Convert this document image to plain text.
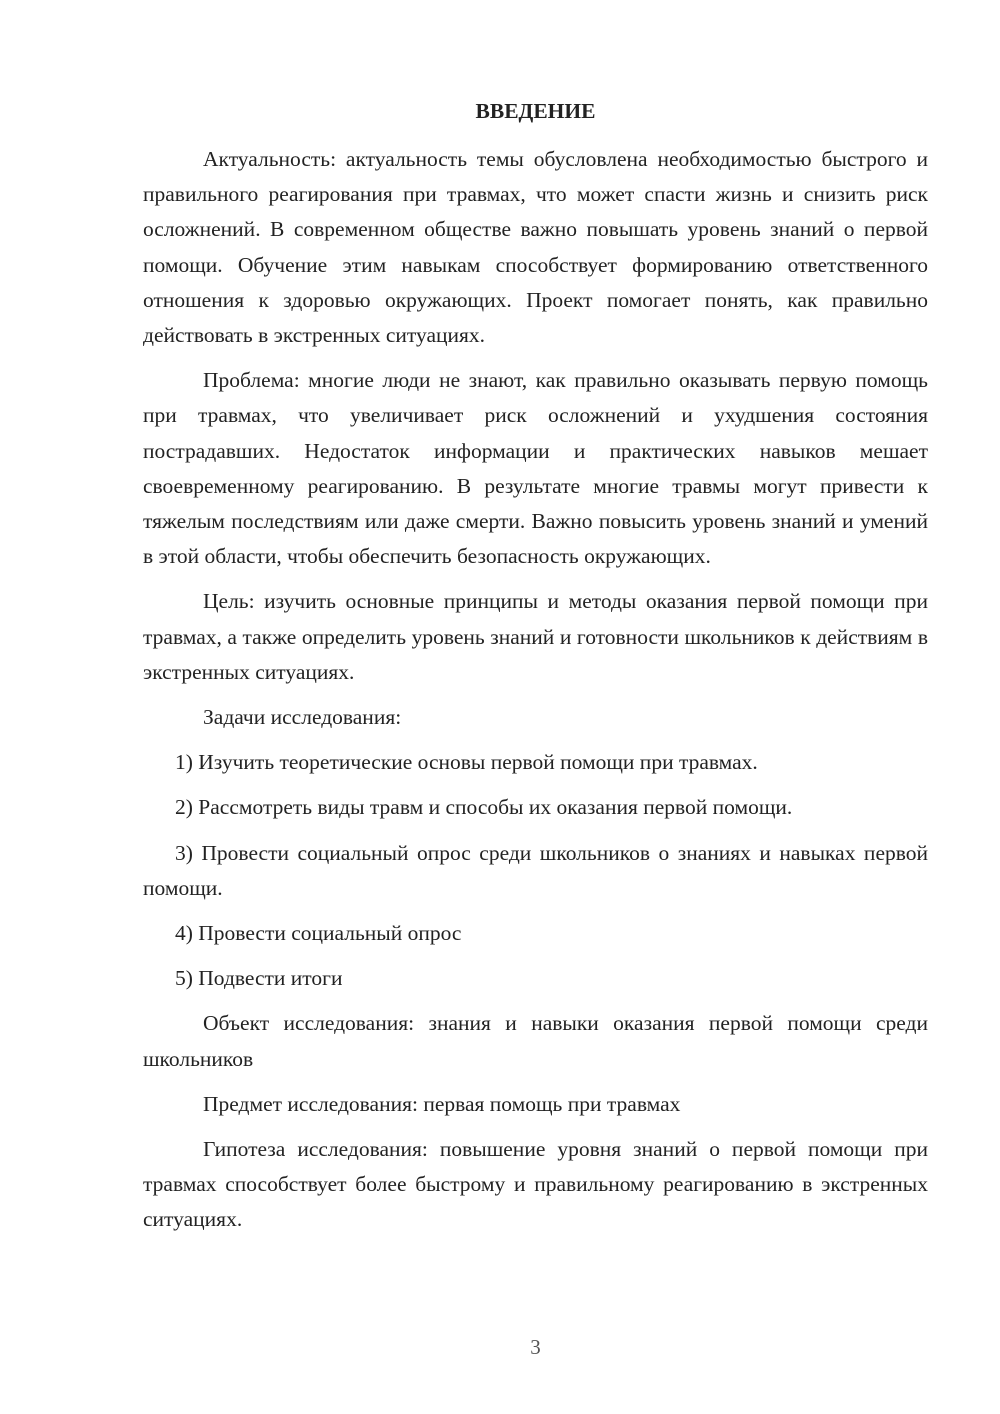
ВВЕДЕНИЕ

Актуальность: актуальность темы обусловлена необходимостью быстрого и правильного реагирования при травмах, что может спасти жизнь и снизить риск осложнений. В современном обществе важно повышать уровень знаний о первой помощи. Обучение этим навыкам способствует формированию ответственного отношения к здоровью окружающих. Проект помогает понять, как правильно действовать в экстренных ситуациях.

Проблема: многие люди не знают, как правильно оказывать первую помощь при травмах, что увеличивает риск осложнений и ухудшения состояния пострадавших. Недостаток информации и практических навыков мешает своевременному реагированию. В результате многие травмы могут привести к тяжелым последствиям или даже смерти. Важно повысить уровень знаний и умений в этой области, чтобы обеспечить безопасность окружающих.

Цель: изучить основные принципы и методы оказания первой помощи при травмах, а также определить уровень знаний и готовности школьников к действиям в экстренных ситуациях.

Задачи исследования:

1) Изучить теоретические основы первой помощи при травмах.

2) Рассмотреть виды травм и способы их оказания первой помощи.

3) Провести социальный опрос среди школьников о знаниях и навыках первой помощи.

4) Провести социальный опрос

5) Подвести итоги

Объект исследования: знания и навыки оказания первой помощи среди школьников

Предмет исследования: первая помощь при травмах

Гипотеза исследования: повышение уровня знаний о первой помощи при травмах способствует более быстрому и правильному реагированию в экстренных ситуациях.

3
